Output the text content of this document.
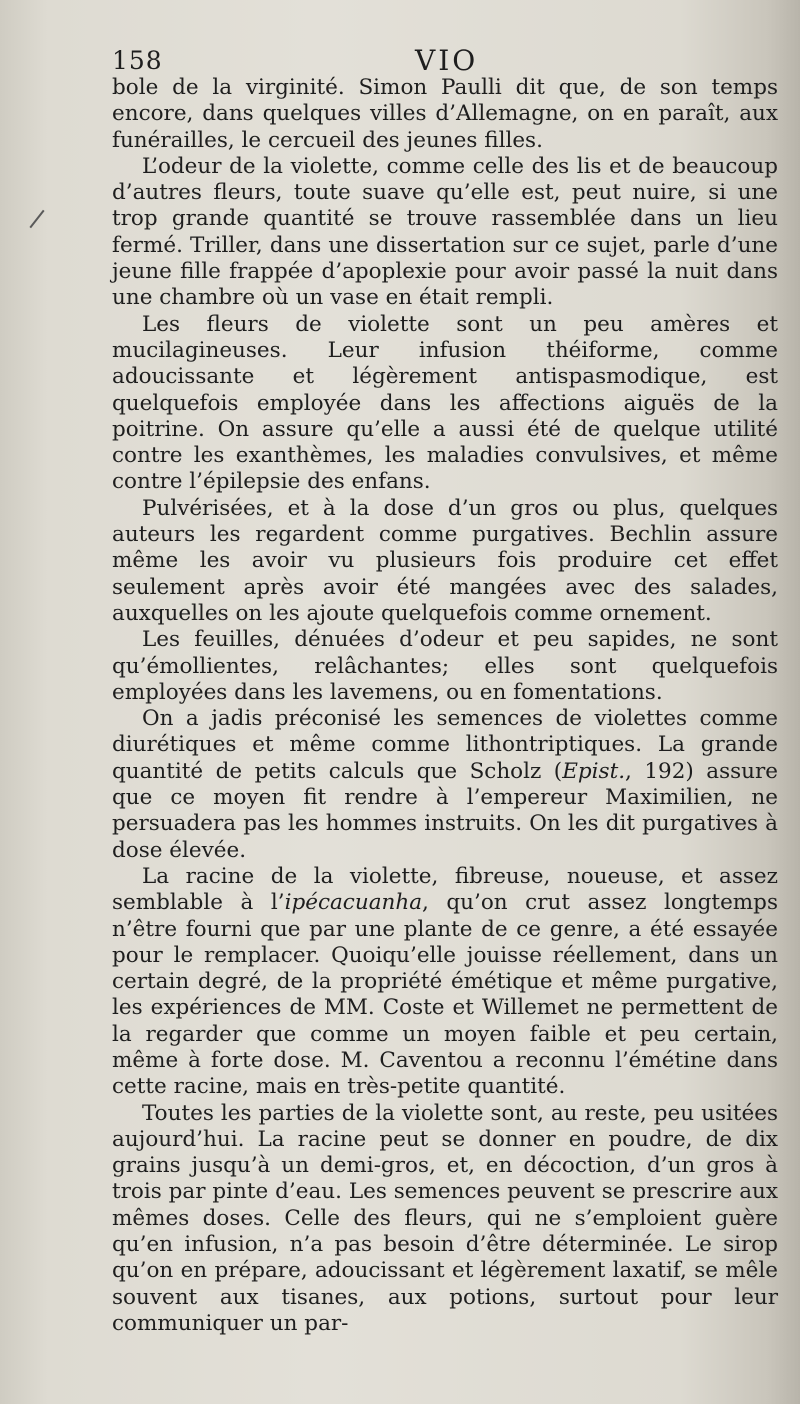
158	VIO

bole de la virginité. Simon Paulli dit que, de son temps encore, dans quelques villes d’Allemagne, on en paraît, aux funérailles, le cercueil des jeunes filles.

L’odeur de la violette, comme celle des lis et de beaucoup d’autres fleurs, toute suave qu’elle est, peut nuire, si une trop grande quantité se trouve rassemblée dans un lieu fermé. Triller, dans une dissertation sur ce sujet, parle d’une jeune fille frappée d’apoplexie pour avoir passé la nuit dans une chambre où un vase en était rempli.

Les fleurs de violette sont un peu amères et mucilagineuses. Leur infusion théiforme, comme adoucissante et légèrement antispasmodique, est quelquefois employée dans les affections aiguës de la poitrine. On assure qu’elle a aussi été de quelque utilité contre les exanthèmes, les maladies convulsives, et même contre l’épilepsie des enfans.

Pulvérisées, et à la dose d’un gros ou plus, quelques auteurs les regardent comme purgatives. Bechlin assure même les avoir vu plusieurs fois produire cet effet seulement après avoir été mangées avec des salades, auxquelles on les ajoute quelquefois comme ornement.

Les feuilles, dénuées d’odeur et peu sapides, ne sont qu’émollientes, relâchantes; elles sont quelquefois employées dans les lavemens, ou en fomentations.

On a jadis préconisé les semences de violettes comme diurétiques et même comme lithontriptiques. La grande quantité de petits calculs que Scholz (Epist., 192) assure que ce moyen fit rendre à l’empereur Maximilien, ne persuadera pas les hommes instruits. On les dit purgatives à dose élevée.

La racine de la violette, fibreuse, noueuse, et assez semblable à l’ipécacuanha, qu’on crut assez longtemps n’être fourni que par une plante de ce genre, a été essayée pour le remplacer. Quoiqu’elle jouisse réellement, dans un certain degré, de la propriété émétique et même purgative, les expériences de MM. Coste et Willemet ne permettent de la regarder que comme un moyen faible et peu certain, même à forte dose. M. Caventou a reconnu l’émétine dans cette racine, mais en très-petite quantité.

Toutes les parties de la violette sont, au reste, peu usitées aujourd’hui. La racine peut se donner en poudre, de dix grains jusqu’à un demi-gros, et, en décoction, d’un gros à trois par pinte d’eau. Les semences peuvent se prescrire aux mêmes doses. Celle des fleurs, qui ne s’emploient guère qu’en infusion, n’a pas besoin d’être déterminée. Le sirop qu’on en prépare, adoucissant et légèrement laxatif, se mêle souvent aux tisanes, aux potions, surtout pour leur communiquer un par-
